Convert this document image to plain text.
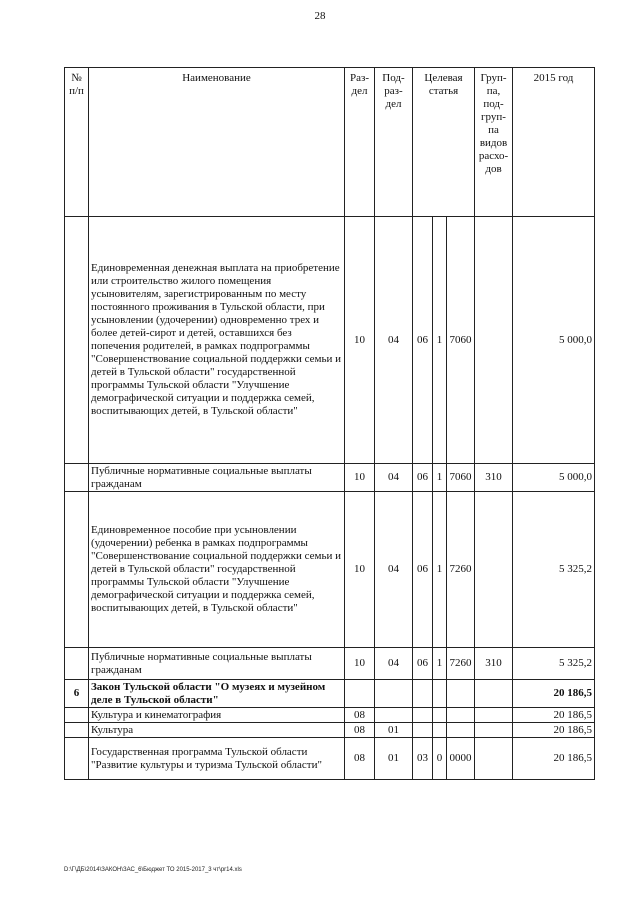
28
№ п/п	Наименование	Раз- дел	Под- раз- дел	Целевая статья			Груп- па, под- груп- па видов расхо- дов	2015 год
	Единовременная денежная выплата на приобретение или строительство жилого помещения усыновителям, зарегистрированным по месту постоянного проживания в Тульской области, при усыновлении (удочерении) одновременно трех и более детей-сирот и детей, оставшихся без попечения родителей, в рамках подпрограммы "Совершенствование социальной поддержки семьи и детей в Тульской области" государственной программы Тульской области "Улучшение демографической ситуации и поддержка семей, воспитывающих детей, в Тульской области"	10	04	06	1	7060		5 000,0
	Публичные нормативные социальные выплаты гражданам	10	04	06	1	7060	310	5 000,0
	Единовременное пособие при усыновлении (удочерении) ребенка в рамках подпрограммы "Совершенствование социальной поддержки семьи и детей в Тульской области" государственной программы Тульской области "Улучшение демографической ситуации и поддержка семей, воспитывающих детей, в Тульской области"	10	04	06	1	7260		5 325,2
	Публичные нормативные социальные выплаты гражданам	10	04	06	1	7260	310	5 325,2
6	Закон Тульской области "О музеях и музейном деле в Тульской области"							20 186,5
	Культура и кинематография	08						20 186,5
	Культура	08	01					20 186,5
	Государственная программа Тульской области "Развитие культуры и туризма Тульской области"	08	01	03	0	0000		20 186,5
D:\Г\ДБ\2014\ЗАКОН\ЗАС_6\Бюджет ТО 2015-2017_3 чт\pr14.xls
